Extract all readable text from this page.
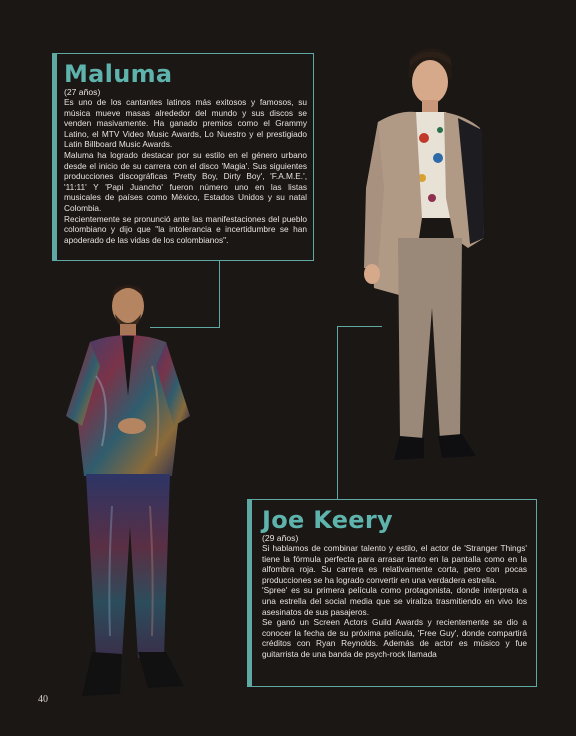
Maluma
(27 años)

Es uno de los cantantes latinos más exitosos y famosos, su música mueve masas alrededor del mundo y sus discos se venden masivamente. Ha ganado premios como el Grammy Latino, el MTV Video Music Awards, Lo Nuestro y el prestigiado Latin Billboard Music Awards.

Maluma ha logrado destacar por su estilo en el género urbano desde el inicio de su carrera con el disco 'Magia'. Sus siguientes producciones discográficas 'Pretty Boy, Dirty Boy', 'F.A.M.E.', '11:11' Y 'Papi Juancho' fueron número uno en las listas musicales de países como México, Estados Unidos y su natal Colombia.

Recientemente se pronunció ante las manifestaciones del pueblo colombiano y dijo que "la intolerancia e incertidumbre se han apoderado de las vidas de los colombianos".

Joe Keery
(29 años)

Si hablamos de combinar talento y estilo, el actor de 'Stranger Things' tiene la fórmula perfecta para arrasar tanto en la pantalla como en la alfombra roja. Su carrera es relativamente corta, pero con pocas producciones se ha logrado convertir en una verdadera estrella.

'Spree' es su primera película como protagonista, donde interpreta a una estrella del social media que se viraliza trasmitiendo en vivo los asesinatos de sus pasajeros.

Se ganó un Screen Actors Guild Awards y recientemente se dio a conocer la fecha de su próxima película, 'Free Guy', donde compartirá créditos con Ryan Reynolds. Además de actor es músico y fue guitarrista de una banda de psych-rock llamada

40
